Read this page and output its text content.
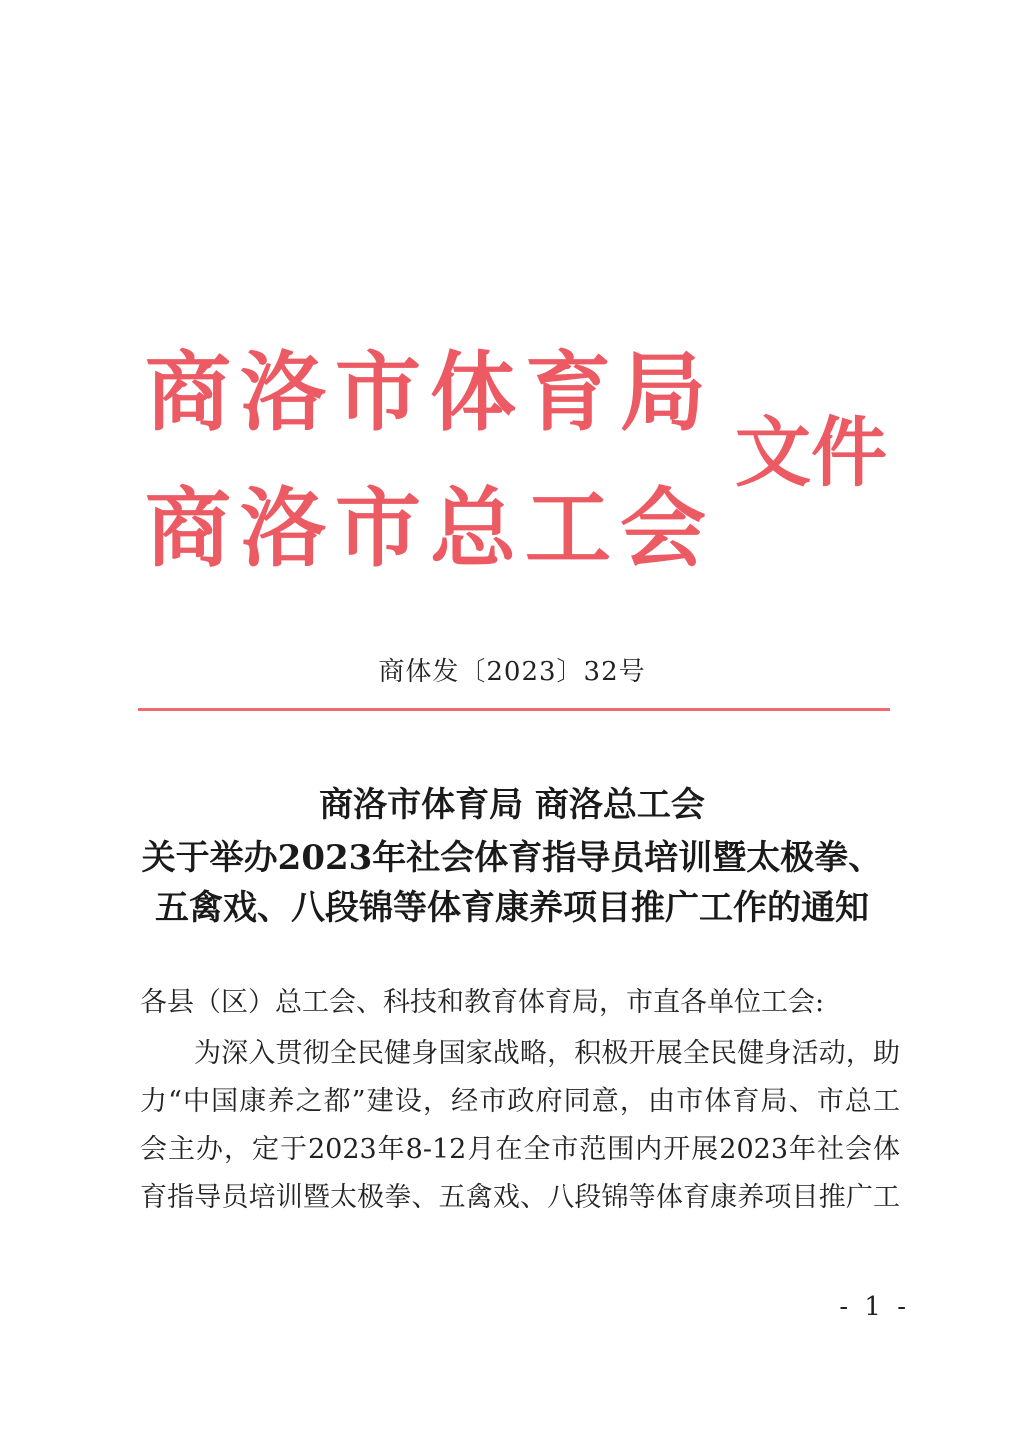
商洛市体育局
商洛市总工会
文件
商体发〔2023〕32号
商洛市体育局 商洛总工会
关于举办2023年社会体育指导员培训暨太极拳、
五禽戏、八段锦等体育康养项目推广工作的通知
各县（区）总工会、科技和教育体育局，市直各单位工会:
为深入贯彻全民健身国家战略，积极开展全民健身活动，助
力“中国康养之都”建设，经市政府同意，由市体育局、市总工
会主办，定于2023年8-12月在全市范围内开展2023年社会体
育指导员培训暨太极拳、五禽戏、八段锦等体育康养项目推广工
- 1 -
